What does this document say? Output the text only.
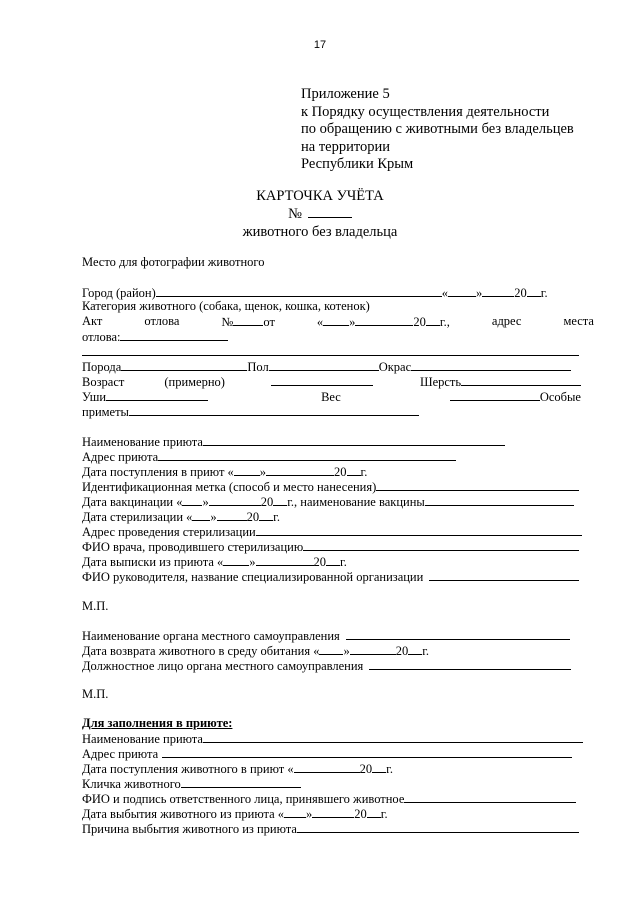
17
Приложение 5
к Порядку осуществления деятельности
по обращению с животными без владельцев
на территории
Республики Крым
КАРТОЧКА УЧЁТА
№
животного без владельца
Место для фотографии животного
Город (район)	« »	20 г.
Категория животного (собака, щенок, кошка, котенок)
Акт	отлова	№ от	« »	20 г.,	адрес	места
отлова:
Порода	Пол	Окрас
Возраст	(примерно)	Шерсть
Уши	Вес	Особые
приметы
Наименование приюта
Адрес приюта
Дата поступления в приют « »	20 г.
Идентификационная метка (способ и место нанесения)
Дата вакцинации « »	20 г., наименование вакцины
Дата стерилизации « » 20 г.
Адрес проведения стерилизации
ФИО врача, проводившего стерилизацию
Дата выписки из приюта « »	20 г.
ФИО руководителя, название специализированной организации
М.П.
Наименование органа местного самоуправления
Дата возврата животного в среду обитания « »	20 г.
Должностное лицо органа местного самоуправления
М.П.
Для заполнения в приюте:
Наименование приюта
Адрес приюта
Дата поступления животного в приют «	20 г.
Кличка животного
ФИО и подпись ответственного лица, принявшего животное
Дата выбытия животного из приюта « »	20 г.
Причина выбытия животного из приюта
